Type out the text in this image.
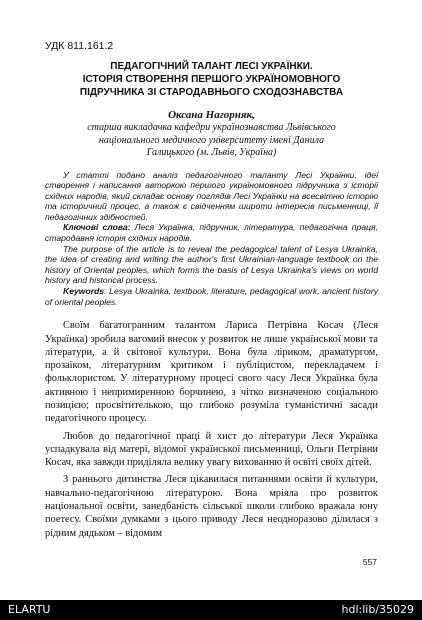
УДК 811.161.2
ПЕДАГОГІЧНИЙ ТАЛАНТ ЛЕСІ УКРАЇНКИ.
ІСТОРІЯ СТВОРЕННЯ ПЕРШОГО УКРАЇНОМОВНОГО
ПІДРУЧНИКА ЗІ СТАРОДАВНЬОГО СХОДОЗНАВСТВА
Оксана Нагорняк,
старша викладачка кафедри українознавства Львівського
національного медичного університету імені Данила
Галицького (м. Львів, Україна)

У статті подано аналіз педагогічного таланту Лесі Українки, ідеї створення і написання авторкою першого україномовного підручника з історії східних народів, який складає основу поглядів Лесі Українки на всесвітню історію та історичний процес, а також є свідченням широти інтересів письменниці, її педагогічних здібностей.

Ключові слова: Леся Українка, підручник, література, педагогічна праця, стародавня історія східних народів.

The purpose of the article is to reveal the pedagogical talent of Lesya Ukrainka, the idea of creating and writing the author's first Ukrainian-language textbook on the history of Oriental peoples, which forms the basis of Lesya Ukrainka's views on world history and historical process.

Keywords: Lesya Ukrainka, textbook, literature, pedagogical work, ancient history of oriental peoples.

Своїм багатогранним талантом Лариса Петрівна Косач (Леся Українка) зробила вагомий внесок у розвиток не лише української мови та літератури, а й світової культури. Вона була ліриком, драматургом, прозаїком, літературним критиком і публіцистом, перекладачем і фольклористом. У літературному процесі свого часу Леся Українка була активною і непримиренною борчинею, з чітко визначеною соціальною позицією; просвітителькою, що глибоко розуміла гуманістичні засади педагогічного процесу.

Любов до педагогічної праці й хист до літератури Леся Українка успадкувала від матері, відомої української письменниці, Ольги Петрівни Косач, яка завжди приділяла велику увагу вихованню й освіті своїх дітей.

З раннього дитинства Леся цікавилася питаннями освіти й культури, навчально-педагогічною літературою. Вона мріяла про розвиток національної освіти, занедбаність сільської школи глибоко вражала юну поетесу. Своїми думками з цього приводу Леся неодноразово ділилася з рідним дядьком – відомим

557
ELARTU	hdl:lib/35029
